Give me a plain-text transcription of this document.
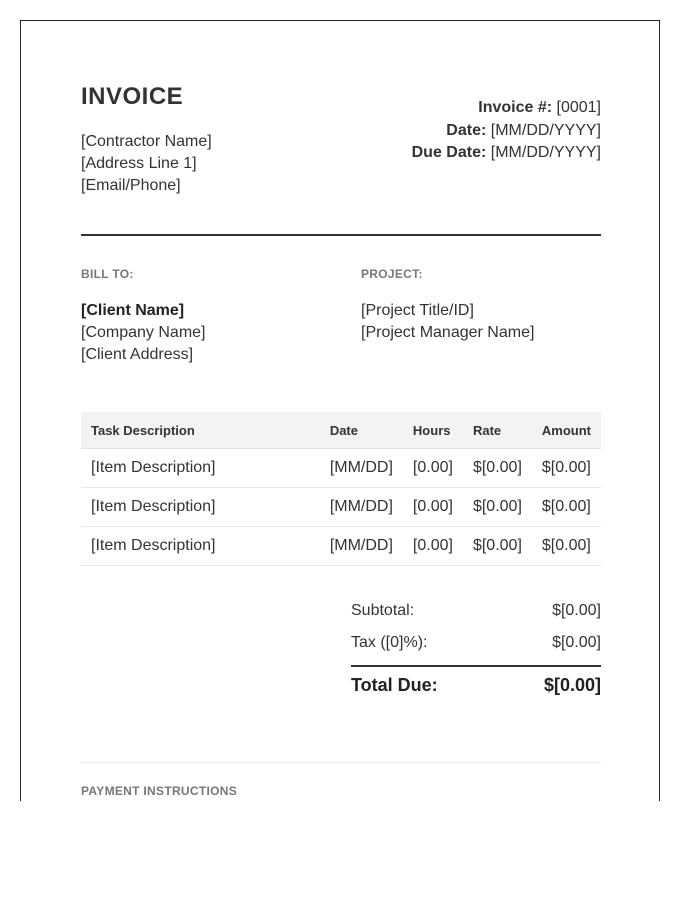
INVOICE
[Contractor Name]
[Address Line 1]
[Email/Phone]
Invoice #: [0001]
Date: [MM/DD/YYYY]
Due Date: [MM/DD/YYYY]
BILL TO:	PROJECT:
[Client Name]
[Company Name]
[Client Address]
[Project Title/ID]
[Project Manager Name]
Task Description	Date	Hours	Rate	Amount
[Item Description]	[MM/DD]	[0.00]	$[0.00]	$[0.00]
[Item Description]	[MM/DD]	[0.00]	$[0.00]	$[0.00]
[Item Description]	[MM/DD]	[0.00]	$[0.00]	$[0.00]
Subtotal:	$[0.00]
Tax ([0]%):	$[0.00]
Total Due:	$[0.00]
PAYMENT INSTRUCTIONS
